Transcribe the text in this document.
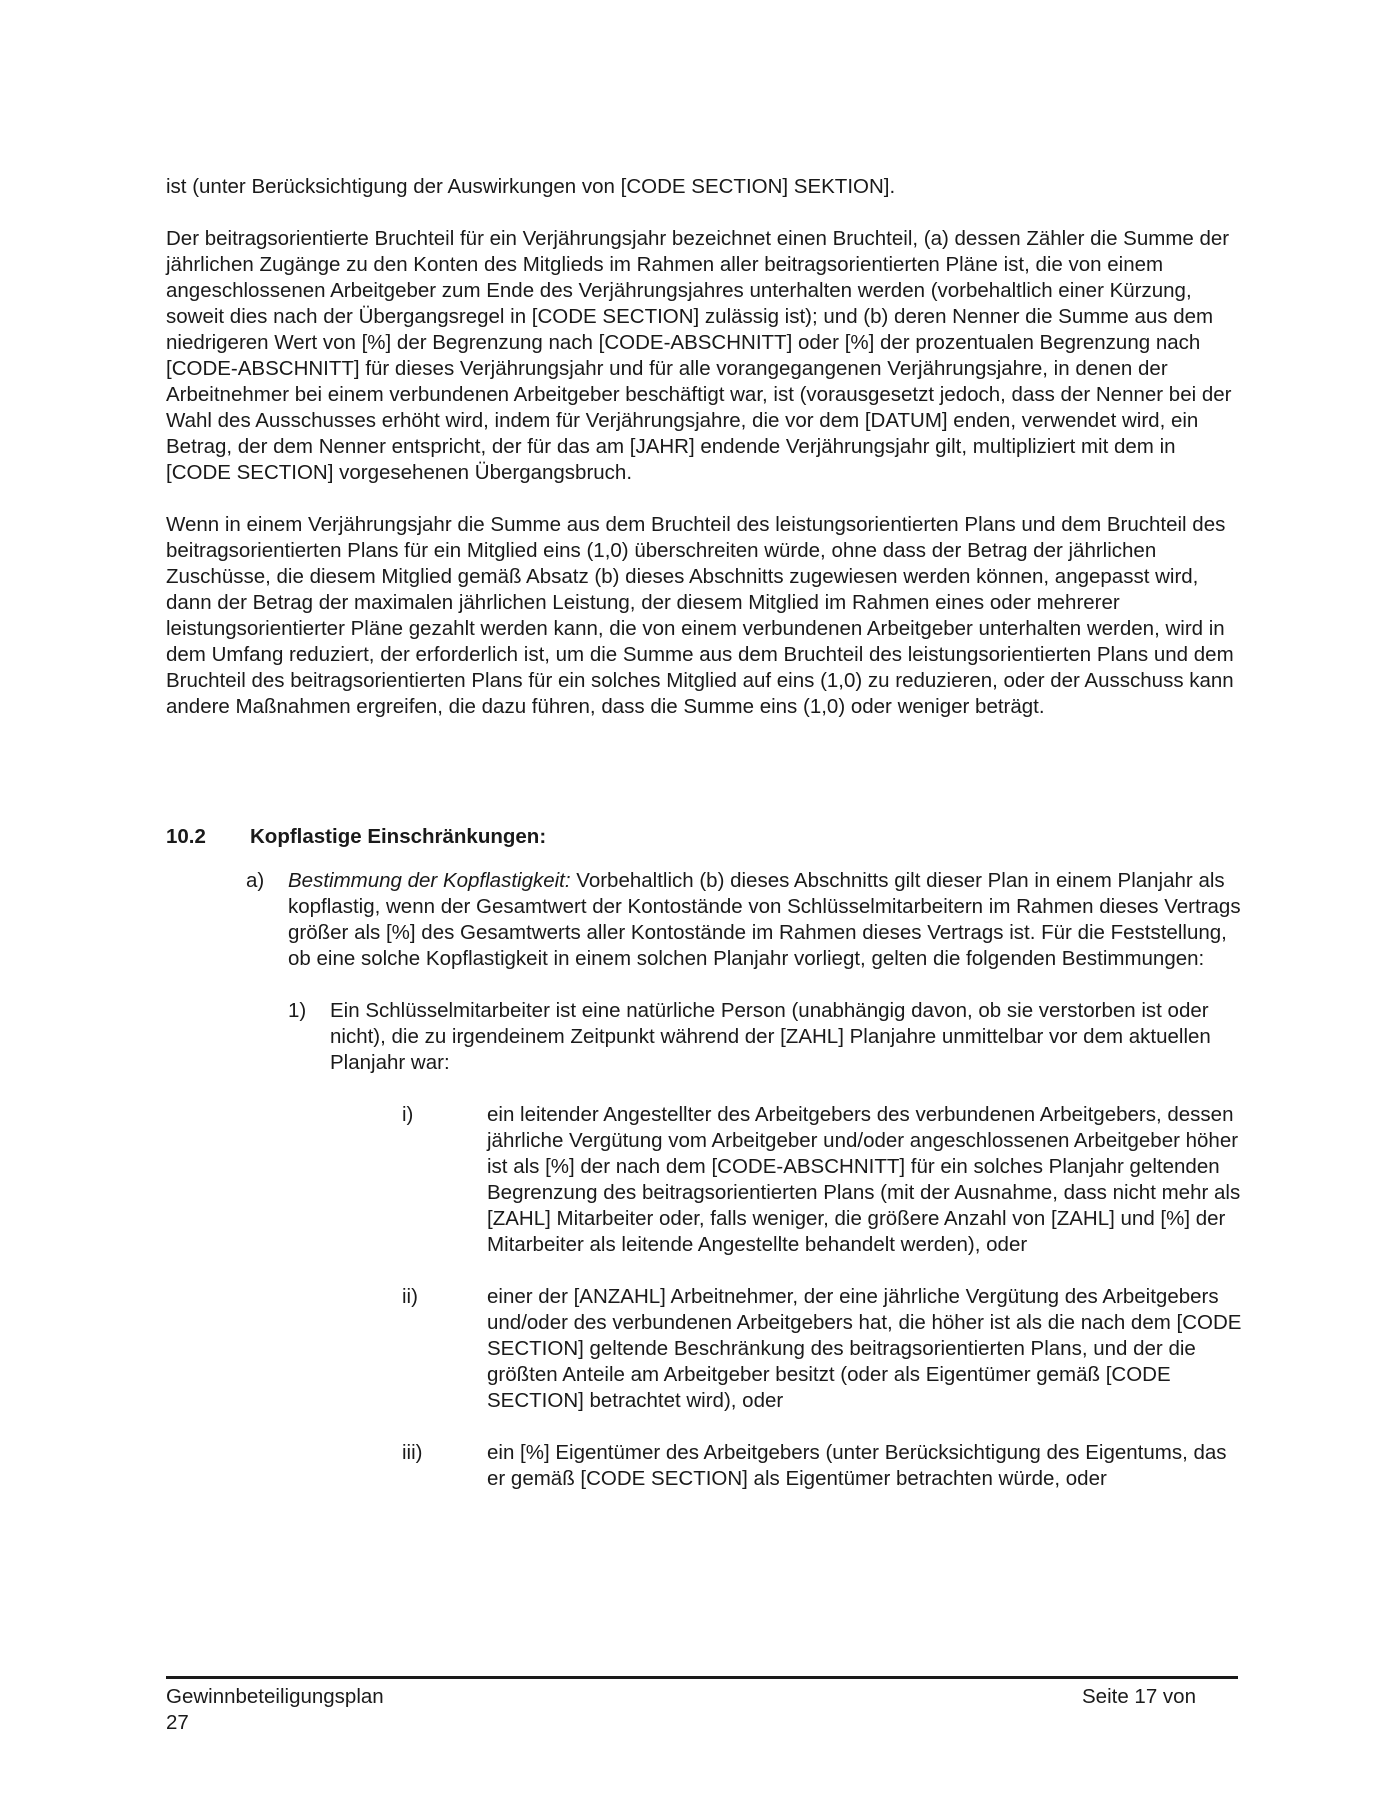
ist (unter Berücksichtigung der Auswirkungen von [CODE SECTION] SEKTION].

Der beitragsorientierte Bruchteil für ein Verjährungsjahr bezeichnet einen Bruchteil, (a) dessen Zähler die Summe der jährlichen Zugänge zu den Konten des Mitglieds im Rahmen aller beitragsorientierten Pläne ist, die von einem angeschlossenen Arbeitgeber zum Ende des Verjährungsjahres unterhalten werden (vorbehaltlich einer Kürzung, soweit dies nach der Übergangsregel in [CODE SECTION] zulässig ist); und (b) deren Nenner die Summe aus dem niedrigeren Wert von [%] der Begrenzung nach [CODE-ABSCHNITT] oder [%] der prozentualen Begrenzung nach [CODE-ABSCHNITT] für dieses Verjährungsjahr und für alle vorangegangenen Verjährungsjahre, in denen der Arbeitnehmer bei einem verbundenen Arbeitgeber beschäftigt war, ist (vorausgesetzt jedoch, dass der Nenner bei der Wahl des Ausschusses erhöht wird, indem für Verjährungsjahre, die vor dem [DATUM] enden, verwendet wird, ein Betrag, der dem Nenner entspricht, der für das am [JAHR] endende Verjährungsjahr gilt, multipliziert mit dem in [CODE SECTION] vorgesehenen Übergangsbruch.

Wenn in einem Verjährungsjahr die Summe aus dem Bruchteil des leistungsorientierten Plans und dem Bruchteil des beitragsorientierten Plans für ein Mitglied eins (1,0) überschreiten würde, ohne dass der Betrag der jährlichen Zuschüsse, die diesem Mitglied gemäß Absatz (b) dieses Abschnitts zugewiesen werden können, angepasst wird, dann der Betrag der maximalen jährlichen Leistung, der diesem Mitglied im Rahmen eines oder mehrerer leistungsorientierter Pläne gezahlt werden kann, die von einem verbundenen Arbeitgeber unterhalten werden, wird in dem Umfang reduziert, der erforderlich ist, um die Summe aus dem Bruchteil des leistungsorientierten Plans und dem Bruchteil des beitragsorientierten Plans für ein solches Mitglied auf eins (1,0) zu reduzieren, oder der Ausschuss kann andere Maßnahmen ergreifen, die dazu führen, dass die Summe eins (1,0) oder weniger beträgt.

10.2	Kopflastige Einschränkungen:
a)	Bestimmung der Kopflastigkeit: Vorbehaltlich (b) dieses Abschnitts gilt dieser Plan in einem Planjahr als kopflastig, wenn der Gesamtwert der Kontostände von Schlüsselmitarbeitern im Rahmen dieses Vertrags größer als [%] des Gesamtwerts aller Kontostände im Rahmen dieses Vertrags ist. Für die Feststellung, ob eine solche Kopflastigkeit in einem solchen Planjahr vorliegt, gelten die folgenden Bestimmungen:

1)	Ein Schlüsselmitarbeiter ist eine natürliche Person (unabhängig davon, ob sie verstorben ist oder nicht), die zu irgendeinem Zeitpunkt während der [ZAHL] Planjahre unmittelbar vor dem aktuellen Planjahr war:

i)	ein leitender Angestellter des Arbeitgebers des verbundenen Arbeitgebers, dessen jährliche Vergütung vom Arbeitgeber und/oder angeschlossenen Arbeitgeber höher ist als [%] der nach dem [CODE-ABSCHNITT] für ein solches Planjahr geltenden Begrenzung des beitragsorientierten Plans (mit der Ausnahme, dass nicht mehr als [ZAHL] Mitarbeiter oder, falls weniger, die größere Anzahl von [ZAHL] und [%] der Mitarbeiter als leitende Angestellte behandelt werden), oder

ii)	einer der [ANZAHL] Arbeitnehmer, der eine jährliche Vergütung des Arbeitgebers und/oder des verbundenen Arbeitgebers hat, die höher ist als die nach dem [CODE SECTION] geltende Beschränkung des beitragsorientierten Plans, und der die größten Anteile am Arbeitgeber besitzt (oder als Eigentümer gemäß [CODE SECTION] betrachtet wird), oder

iii)	ein [%] Eigentümer des Arbeitgebers (unter Berücksichtigung des Eigentums, das er gemäß [CODE SECTION] als Eigentümer betrachten würde, oder

Gewinnbeteiligungsplan
27
Seite 17 von
